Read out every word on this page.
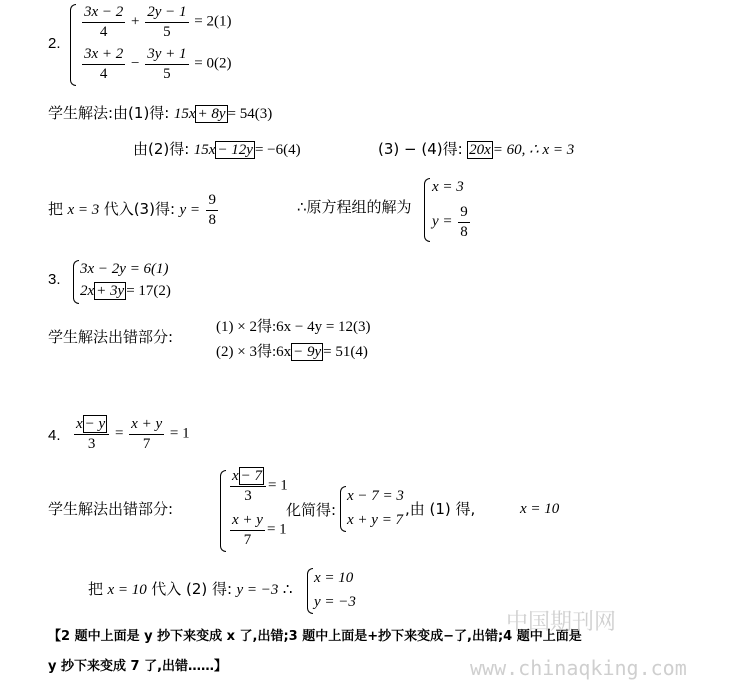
2.
$\frac{3x - 2}{4} + \frac{2y - 1}{5} = 2(1)$
$\frac{3x + 2}{4} - \frac{3y + 1}{5} = 0(2)$
学生解法:由(1)得: 15x + 8y = 54(3)
由(2)得: 15x − 12y = −6(4)	(3) − (4)得: 20x = 60, ∴ x = 3
把 x = 3 代入(3)得: $y = \frac{9}{8}$	∴原方程组的解为
x = 3
$y = \frac{9}{8}$
3.
3x − 2y = 6(1)
2x + 3y = 17(2)
学生解法出错部分:
(1) × 2得:6x − 4y = 12(3)
(2) × 3得:6x − 9y = 51(4)
4. $\frac{x - y}{3} = \frac{x + y}{7} = 1$
学生解法出错部分:
$\frac{x - 7}{3} = 1$
$\frac{x + y}{7} = 1$
化简得:
x − 7 = 3
x + y = 7
,由 (1) 得,	x = 10
把 x = 10 代入 (2) 得: y = −3 ∴
x = 10
y = −3
【2 题中上面是 y 抄下来变成 x 了,出错;3 题中上面是+抄下来变成−了,出错;4 题中上面是
y 抄下来变成 7 了,出错……】
中国期刊网
www.chinaqking.com
